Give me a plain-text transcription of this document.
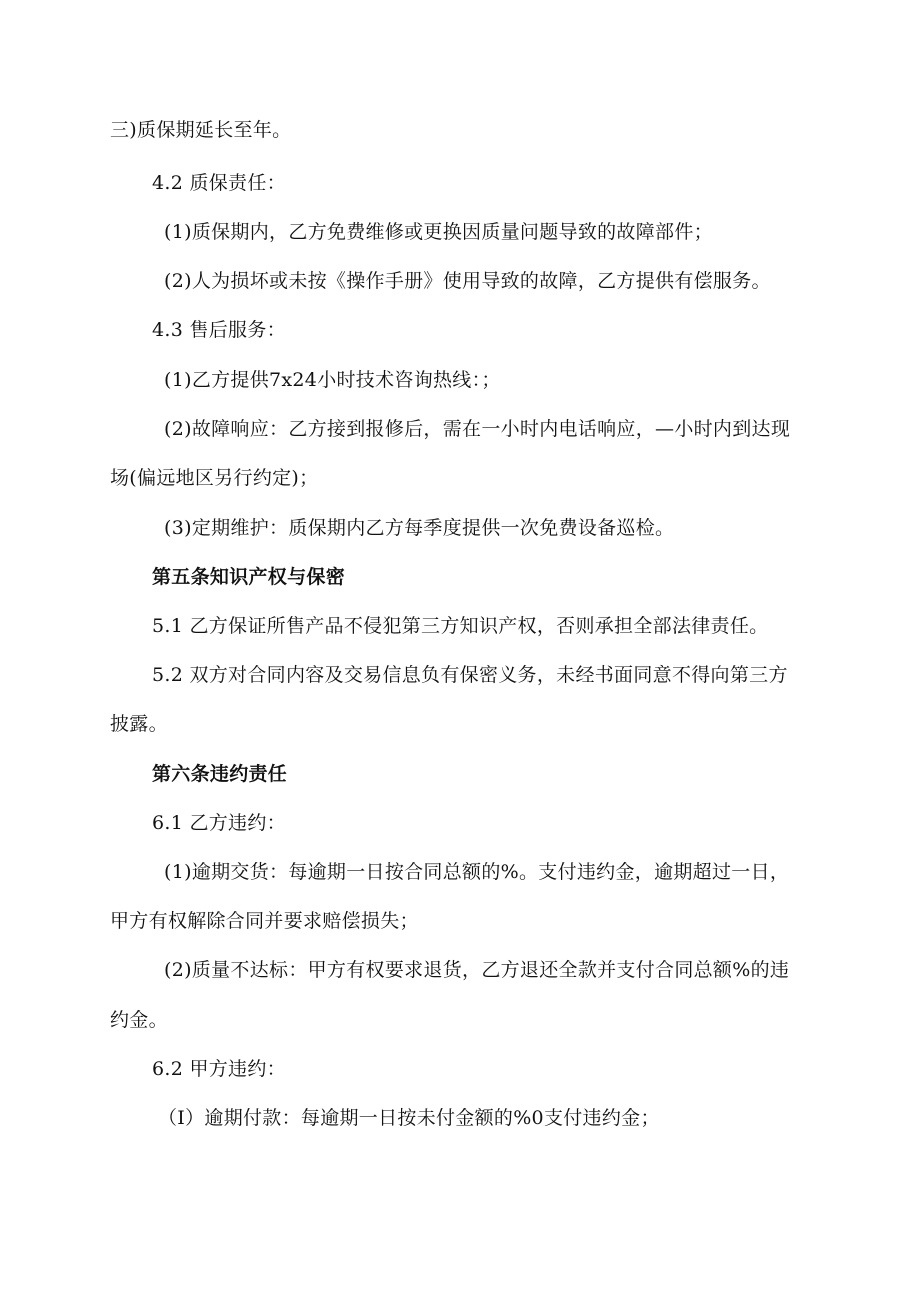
三)质保期延长至年。
4.2 质保责任：
(1)质保期内，乙方免费维修或更换因质量问题导致的故障部件；
(2)人为损坏或未按《操作手册》使用导致的故障，乙方提供有偿服务。
4.3 售后服务：
(1)乙方提供7x24小时技术咨询热线：；
(2)故障响应：乙方接到报修后，需在一小时内电话响应，—小时内到达现
场(偏远地区另行约定)；
(3)定期维护：质保期内乙方每季度提供一次免费设备巡检。
第五条知识产权与保密
5.1 乙方保证所售产品不侵犯第三方知识产权，否则承担全部法律责任。
5.2 双方对合同内容及交易信息负有保密义务，未经书面同意不得向第三方
披露。
第六条违约责任
6.1 乙方违约：
(1)逾期交货：每逾期一日按合同总额的%。支付违约金，逾期超过一日，
甲方有权解除合同并要求赔偿损失；
(2)质量不达标：甲方有权要求退货，乙方退还全款并支付合同总额%的违
约金。
6.2 甲方违约：
（I）逾期付款：每逾期一日按未付金额的%0支付违约金；
